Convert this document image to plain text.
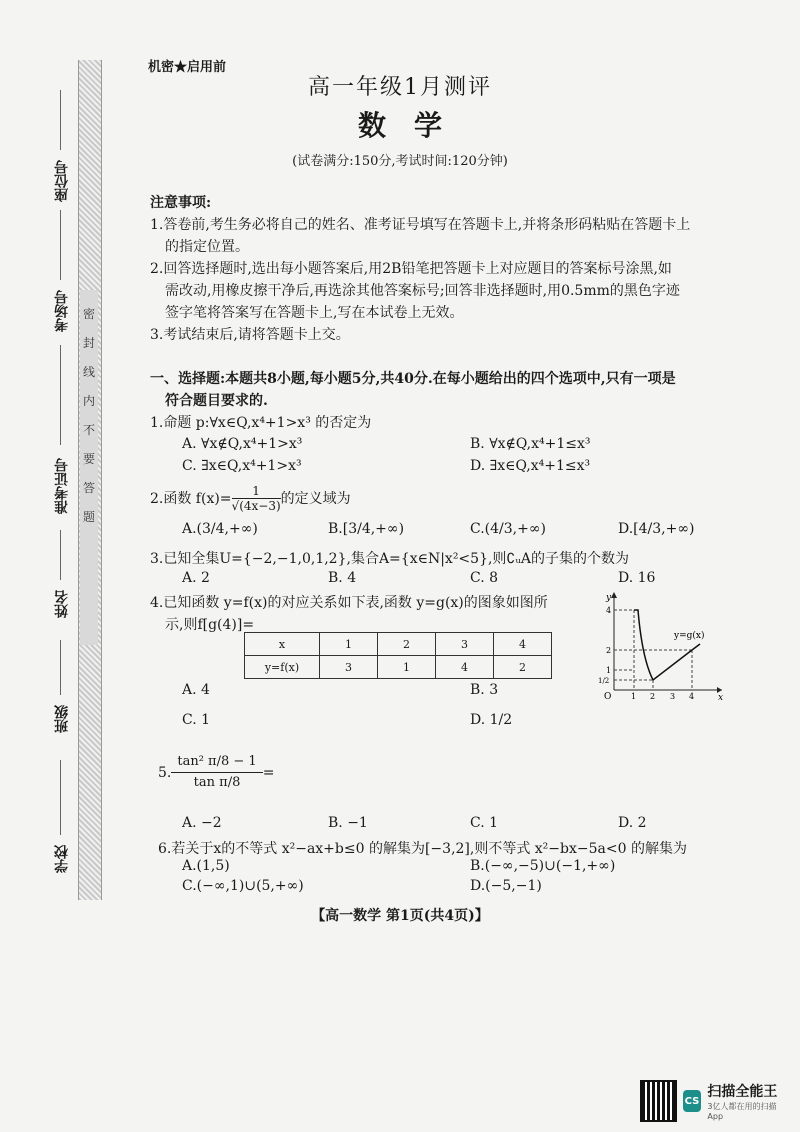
密
封
线
内
不
要
答
题
座位号
考场号
准考证号
姓名
班级
学校
机密★启用前
高一年级1月测评
数学
(试卷满分:150分,考试时间:120分钟)
注意事项:
1.答卷前,考生务必将自己的姓名、准考证号填写在答题卡上,并将条形码粘贴在答题卡上
的指定位置。
2.回答选择题时,选出每小题答案后,用2B铅笔把答题卡上对应题目的答案标号涂黑,如
需改动,用橡皮擦干净后,再选涂其他答案标号;回答非选择题时,用0.5mm的黑色字迹
签字笔将答案写在答题卡上,写在本试卷上无效。
3.考试结束后,请将答题卡上交。
一、选择题:本题共8小题,每小题5分,共40分.在每小题给出的四个选项中,只有一项是
符合题目要求的.
1.命题 p:∀x∈Q,x⁴+1>x³ 的否定为
A. ∀x∉Q,x⁴+1>x³	B. ∀x∉Q,x⁴+1≤x³
C. ∃x∈Q,x⁴+1>x³	D. ∃x∈Q,x⁴+1≤x³
2.函数 $f(x)= \frac{1}{√(4x-3)}$ 的定义域为
A.(3/4,+∞)	B.[3/4,+∞)	C.(4/3,+∞)	D.[4/3,+∞)
3.已知全集U={−2,−1,0,1,2},集合A={x∈N|x²<5},则∁ᵤA的子集的个数为
A. 2	B. 4	C. 8	D. 16
4.已知函数 y=f(x)的对应关系如下表,函数 y=g(x)的图象如图所
示,则f[g(4)]=
x	1	2	3	4
y=f(x)	3	1	4	2
y
x
y=g(x)
O 1 2 3 4
4
2
1
1/2
A. 4	B. 3
C. 1	D. 1/2
5. $\frac{\text{tan² π/8 − 1}}{\text{tan π/8}}$ =
A. −2	B. −1	C. 1	D. 2
6.若关于x的不等式 x²−ax+b≤0 的解集为[−3,2],则不等式 x²−bx−5a<0 的解集为
A.(1,5)	B.(−∞,−5)∪(−1,+∞)
C.(−∞,1)∪(5,+∞)	D.(−5,−1)
【高一数学 第1页(共4页)】
CS
扫描全能王
3亿人都在用的扫描App
